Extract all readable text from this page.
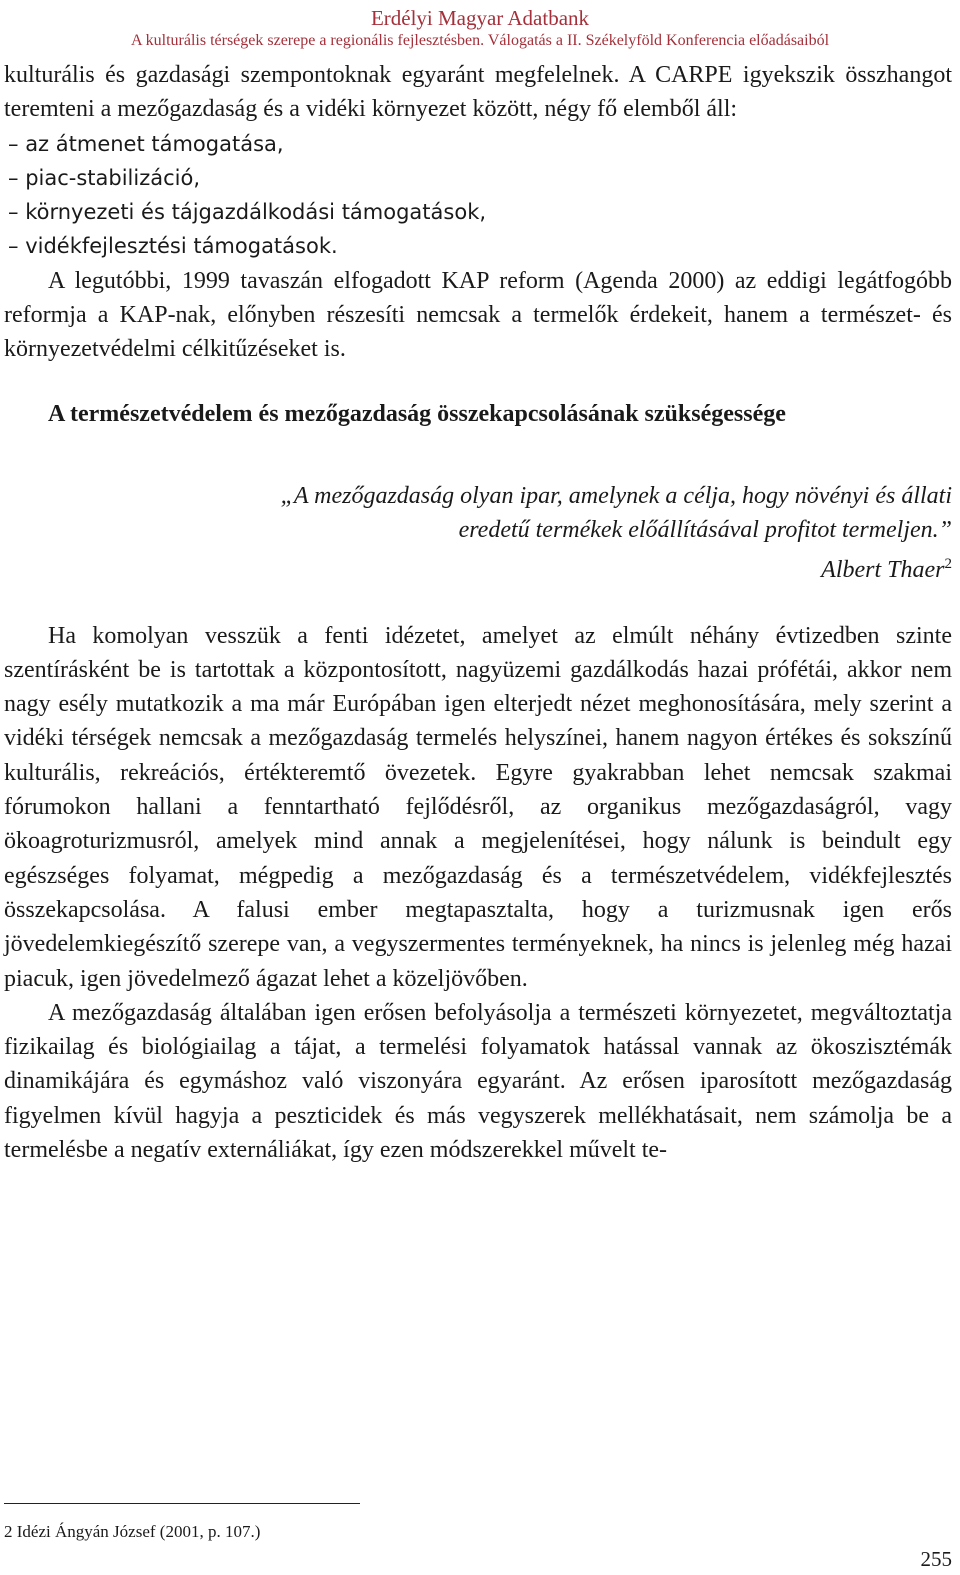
Erdélyi Magyar Adatbank
A kulturális térségek szerepe a regionális fejlesztésben. Válogatás a II. Székelyföld Konferencia előadásaiból

kulturális és gazdasági szempontoknak egyaránt megfelelnek. A CARPE igyekszik összhangot teremteni a mezőgazdaság és a vidéki környezet között, négy fő elemből áll:

– az átmenet támogatása,
– piac-stabilizáció,
– környezeti és tájgazdálkodási támogatások,
– vidékfejlesztési támogatások.

A legutóbbi, 1999 tavaszán elfogadott KAP reform (Agenda 2000) az eddigi legátfogóbb reformja a KAP-nak, előnyben részesíti nemcsak a termelők érdekeit, hanem a természet- és környezetvédelmi célkitűzéseket is.

A természetvédelem és mezőgazdaság összekapcsolásának szükségessége
„A mezőgazdaság olyan ipar, amelynek a célja, hogy növényi és állati
eredetű termékek előállításával profitot termeljen.”
Albert Thaer$^2$

Ha komolyan vesszük a fenti idézetet, amelyet az elmúlt néhány évtizedben szinte szentírásként be is tartottak a központosított, nagyüzemi gazdálkodás hazai prófétái, akkor nem nagy esély mutatkozik a ma már Európában igen elterjedt nézet meghonosítására, mely szerint a vidéki térségek nemcsak a mezőgazdaság termelés helyszínei, hanem nagyon értékes és sokszínű kulturális, rekreációs, értékteremtő övezetek. Egyre gyakrabban lehet nemcsak szakmai fórumokon hallani a fenntartható fejlődésről, az organikus mezőgazdaságról, vagy ökoagroturizmusról, amelyek mind annak a megjelenítései, hogy nálunk is beindult egy egészséges folyamat, mégpedig a mezőgazdaság és a természetvédelem, vidékfejlesztés összekapcsolása. A falusi ember megtapasztalta, hogy a turizmusnak igen erős jövedelemkiegészítő szerepe van, a vegyszermentes terményeknek, ha nincs is jelenleg még hazai piacuk, igen jövedelmező ágazat lehet a közeljövőben.

A mezőgazdaság általában igen erősen befolyásolja a természeti környezetet, megváltoztatja fizikailag és biológiailag a tájat, a termelési folyamatok hatással vannak az ökoszisztémák dinamikájára és egymáshoz való viszonyára egyaránt. Az erősen iparosított mezőgazdaság figyelmen kívül hagyja a peszticidek és más vegyszerek mellékhatásait, nem számolja be a termelésbe a negatív externáliákat, így ezen módszerekkel művelt te-

2 Idézi Ángyán József (2001, p. 107.)
255
